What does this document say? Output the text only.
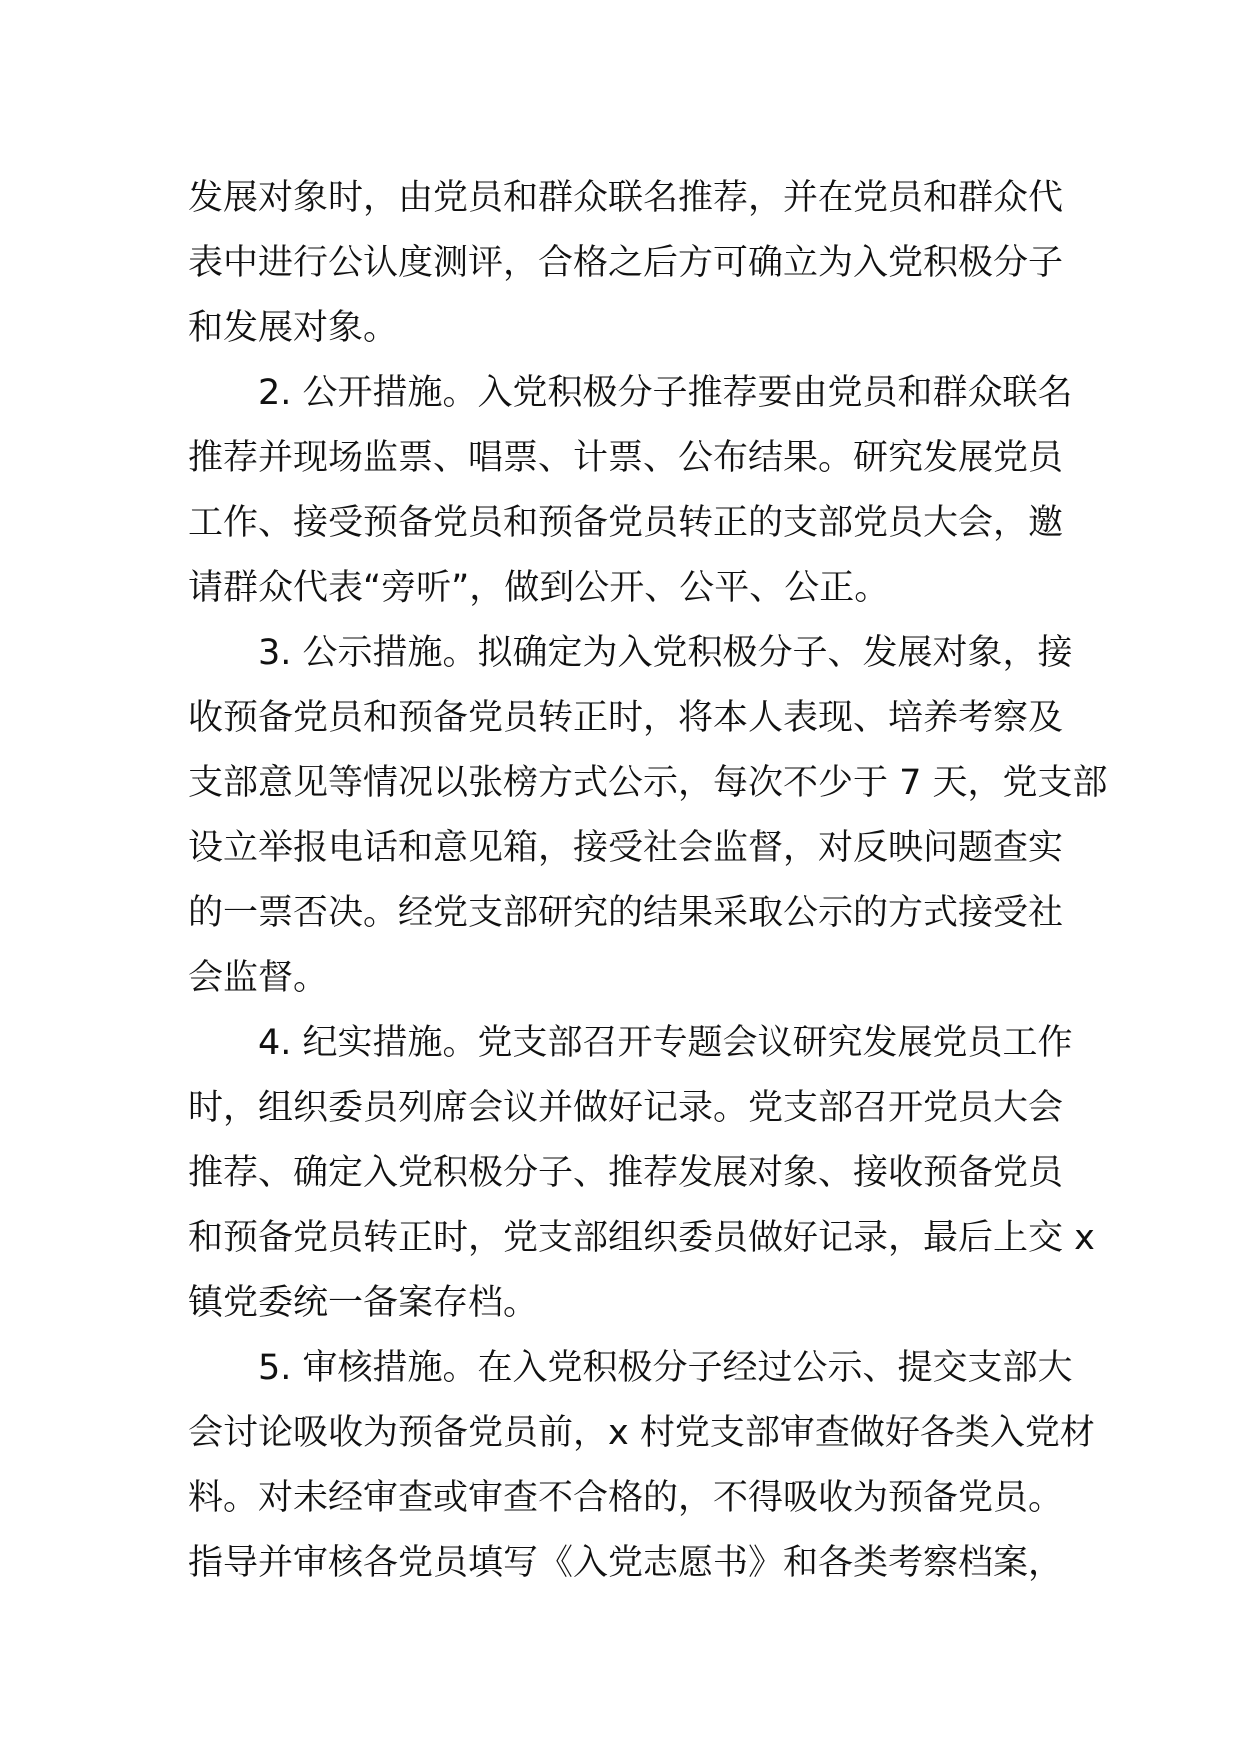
发展对象时，由党员和群众联名推荐，并在党员和群众代
表中进行公认度测评，合格之后方可确立为入党积极分子
和发展对象。
2. 公开措施。入党积极分子推荐要由党员和群众联名
推荐并现场监票、唱票、计票、公布结果。研究发展党员
工作、接受预备党员和预备党员转正的支部党员大会，邀
请群众代表“旁听”，做到公开、公平、公正。
3. 公示措施。拟确定为入党积极分子、发展对象，接
收预备党员和预备党员转正时，将本人表现、培养考察及
支部意见等情况以张榜方式公示，每次不少于 7 天，党支部
设立举报电话和意见箱，接受社会监督，对反映问题查实
的一票否决。经党支部研究的结果采取公示的方式接受社
会监督。
4. 纪实措施。党支部召开专题会议研究发展党员工作
时，组织委员列席会议并做好记录。党支部召开党员大会
推荐、确定入党积极分子、推荐发展对象、接收预备党员
和预备党员转正时，党支部组织委员做好记录，最后上交 x
镇党委统一备案存档。
5. 审核措施。在入党积极分子经过公示、提交支部大
会讨论吸收为预备党员前，x 村党支部审查做好各类入党材
料。对未经审查或审查不合格的，不得吸收为预备党员。
指导并审核各党员填写《入党志愿书》和各类考察档案，
